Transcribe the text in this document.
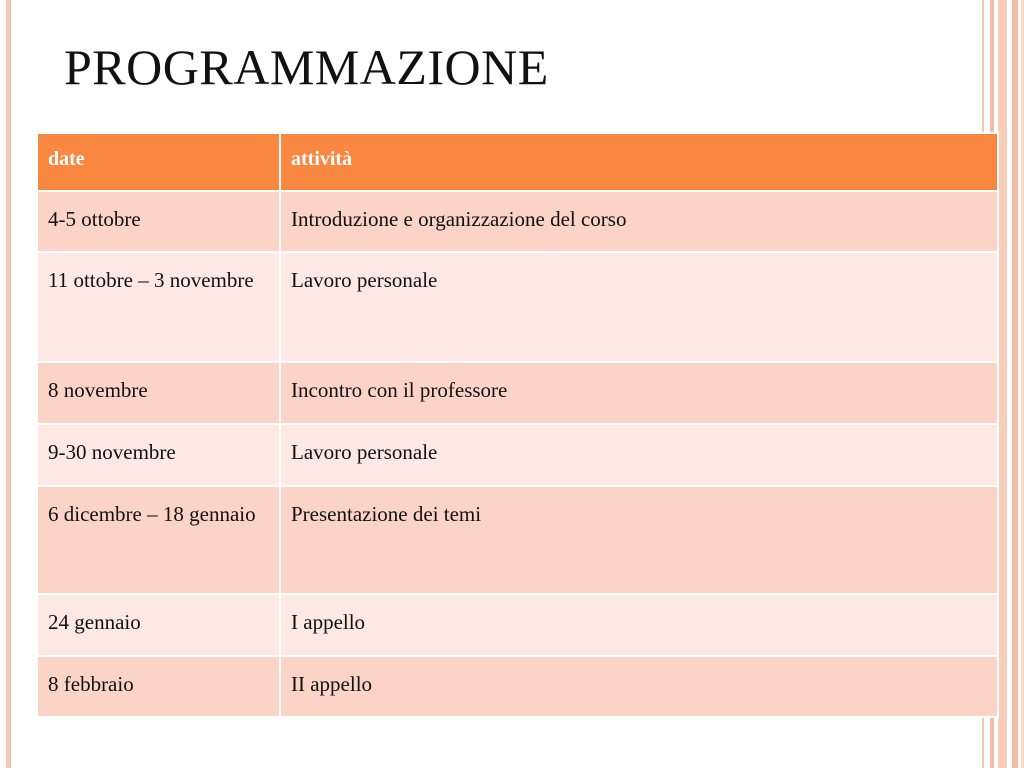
PROGRAMMAZIONE
date	attività
4-5 ottobre	Introduzione e organizzazione del corso
11 ottobre – 3 novembre	Lavoro personale
8 novembre	Incontro con il professore
9-30 novembre	Lavoro personale
6 dicembre – 18 gennaio	Presentazione dei temi
24 gennaio	I appello
8 febbraio	II appello
